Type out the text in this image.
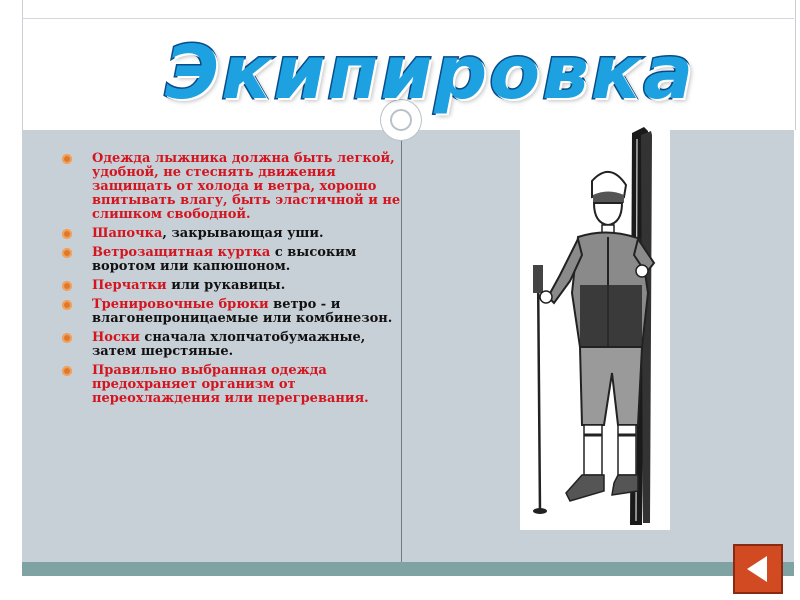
Экипировка
Одежда лыжника должна быть легкой, удобной, не стеснять движения защищать от холода и ветра, хорошо впитывать влагу, быть эластичной и не слишком свободной.
Шапочка, закрывающая уши.
Ветрозащитная куртка с высоким воротом или капюшоном.
Перчатки или рукавицы.
Тренировочные брюки ветро - и влагонепроницаемые или комбинезон.
Носки сначала хлопчатобумажные, затем шерстяные.
Правильно выбранная одежда предохраняет организм от переохлаждения или перегревания.
